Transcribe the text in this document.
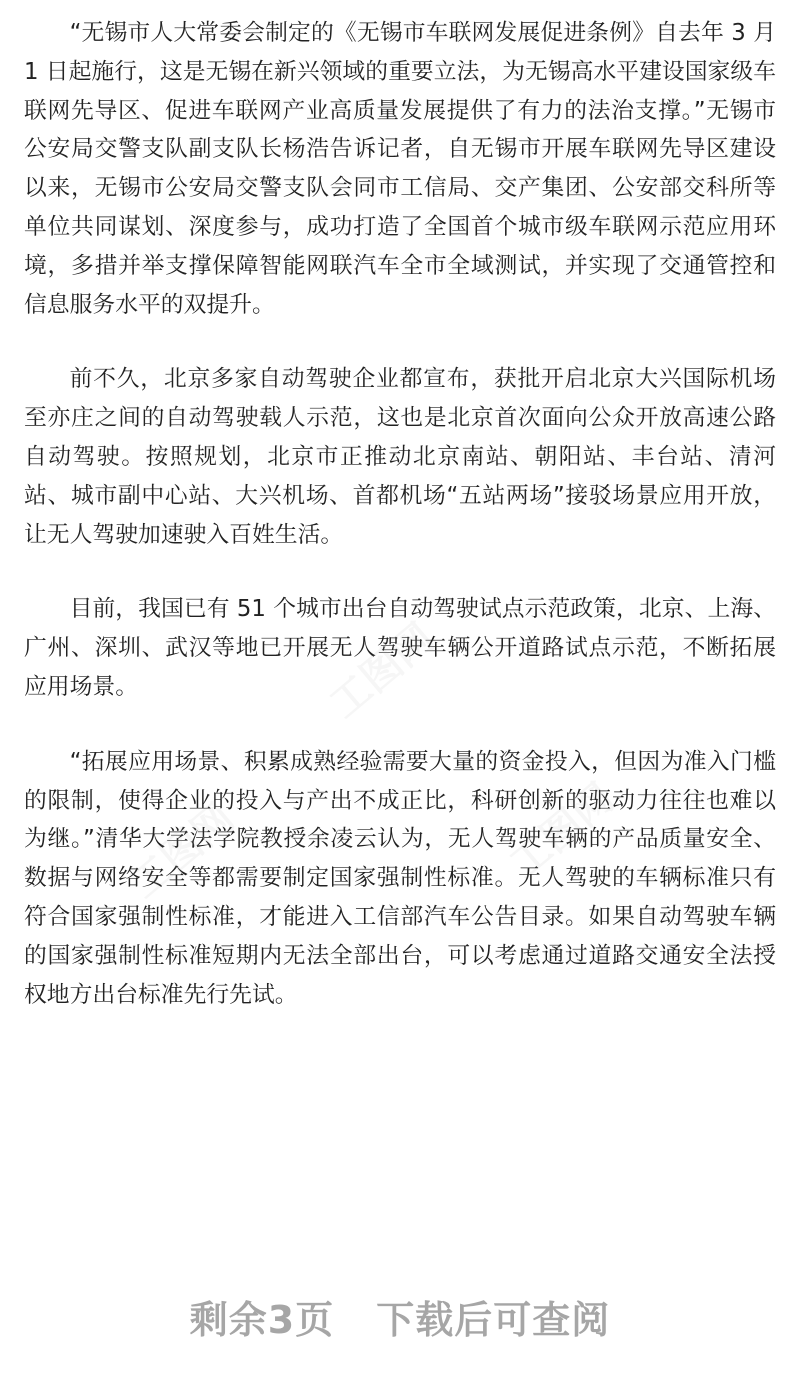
“无锡市人大常委会制定的《无锡市车联网发展促进条例》自去年 3 月 1 日起施行，这是无锡在新兴领域的重要立法，为无锡高水平建设国家级车联网先导区、促进车联网产业高质量发展提供了有力的法治支撑。”无锡市公安局交警支队副支队长杨浩告诉记者，自无锡市开展车联网先导区建设以来，无锡市公安局交警支队会同市工信局、交产集团、公安部交科所等单位共同谋划、深度参与，成功打造了全国首个城市级车联网示范应用环境，多措并举支撑保障智能网联汽车全市全域测试，并实现了交通管控和信息服务水平的双提升。

前不久，北京多家自动驾驶企业都宣布，获批开启北京大兴国际机场至亦庄之间的自动驾驶载人示范，这也是北京首次面向公众开放高速公路自动驾驶。按照规划，北京市正推动北京南站、朝阳站、丰台站、清河站、城市副中心站、大兴机场、首都机场“五站两场”接驳场景应用开放，让无人驾驶加速驶入百姓生活。

目前，我国已有 51 个城市出台自动驾驶试点示范政策，北京、上海、广州、深圳、武汉等地已开展无人驾驶车辆公开道路试点示范，不断拓展应用场景。

“拓展应用场景、积累成熟经验需要大量的资金投入，但因为准入门槛的限制，使得企业的投入与产出不成正比，科研创新的驱动力往往也难以为继。”清华大学法学院教授余凌云认为，无人驾驶车辆的产品质量安全、数据与网络安全等都需要制定国家强制性标准。无人驾驶的车辆标准只有符合国家强制性标准，才能进入工信部汽车公告目录。如果自动驾驶车辆的国家强制性标准短期内无法全部出台，可以考虑通过道路交通安全法授权地方出台标准先行先试。

工图网
工图网	工图网
剩余3页 下载后可查阅
